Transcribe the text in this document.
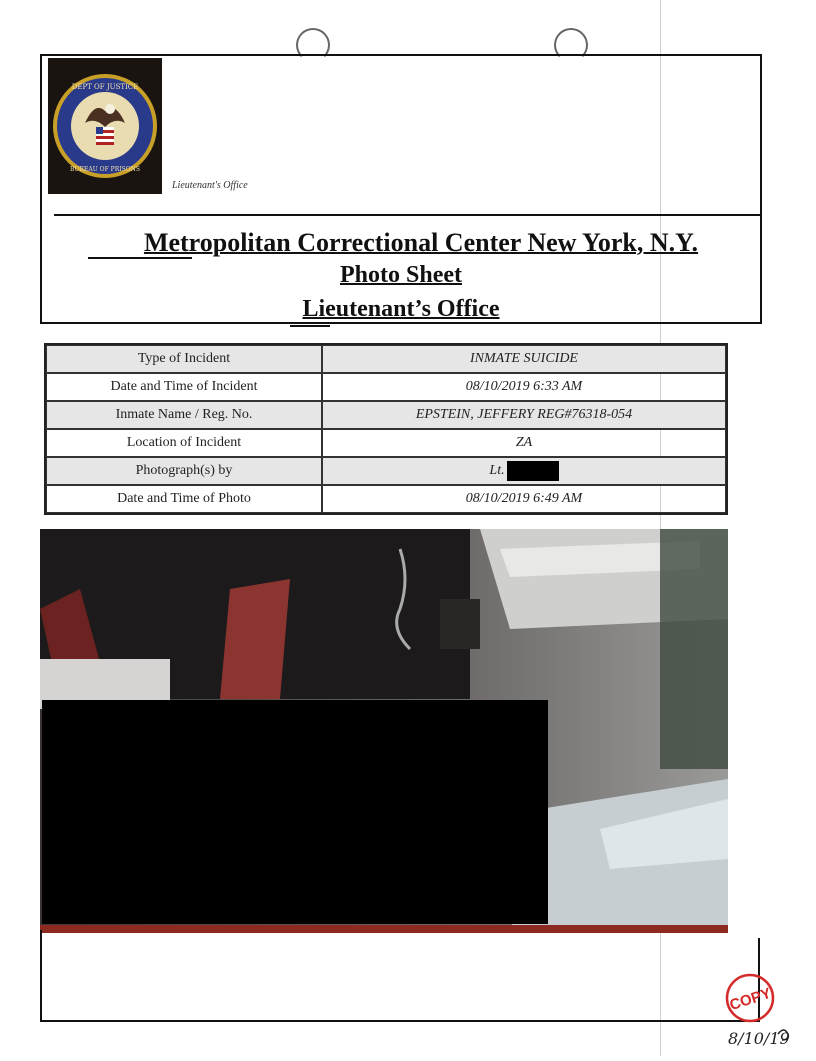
DEPT OF JUSTICE
BUREAU OF PRISONS
Lieutenant's Office
Metropolitan Correctional Center New York, N.Y.
Photo Sheet
Lieutenant’s Office
Type of Incident	INMATE SUICIDE
Date and Time of Incident	08/10/2019 6:33 AM
Inmate Name / Reg. No.	EPSTEIN, JEFFERY REG#76318-054
Location of Incident	ZA
Photograph(s) by	Lt.
Date and Time of Photo	08/10/2019 6:49 AM
COPY
8/10/19
